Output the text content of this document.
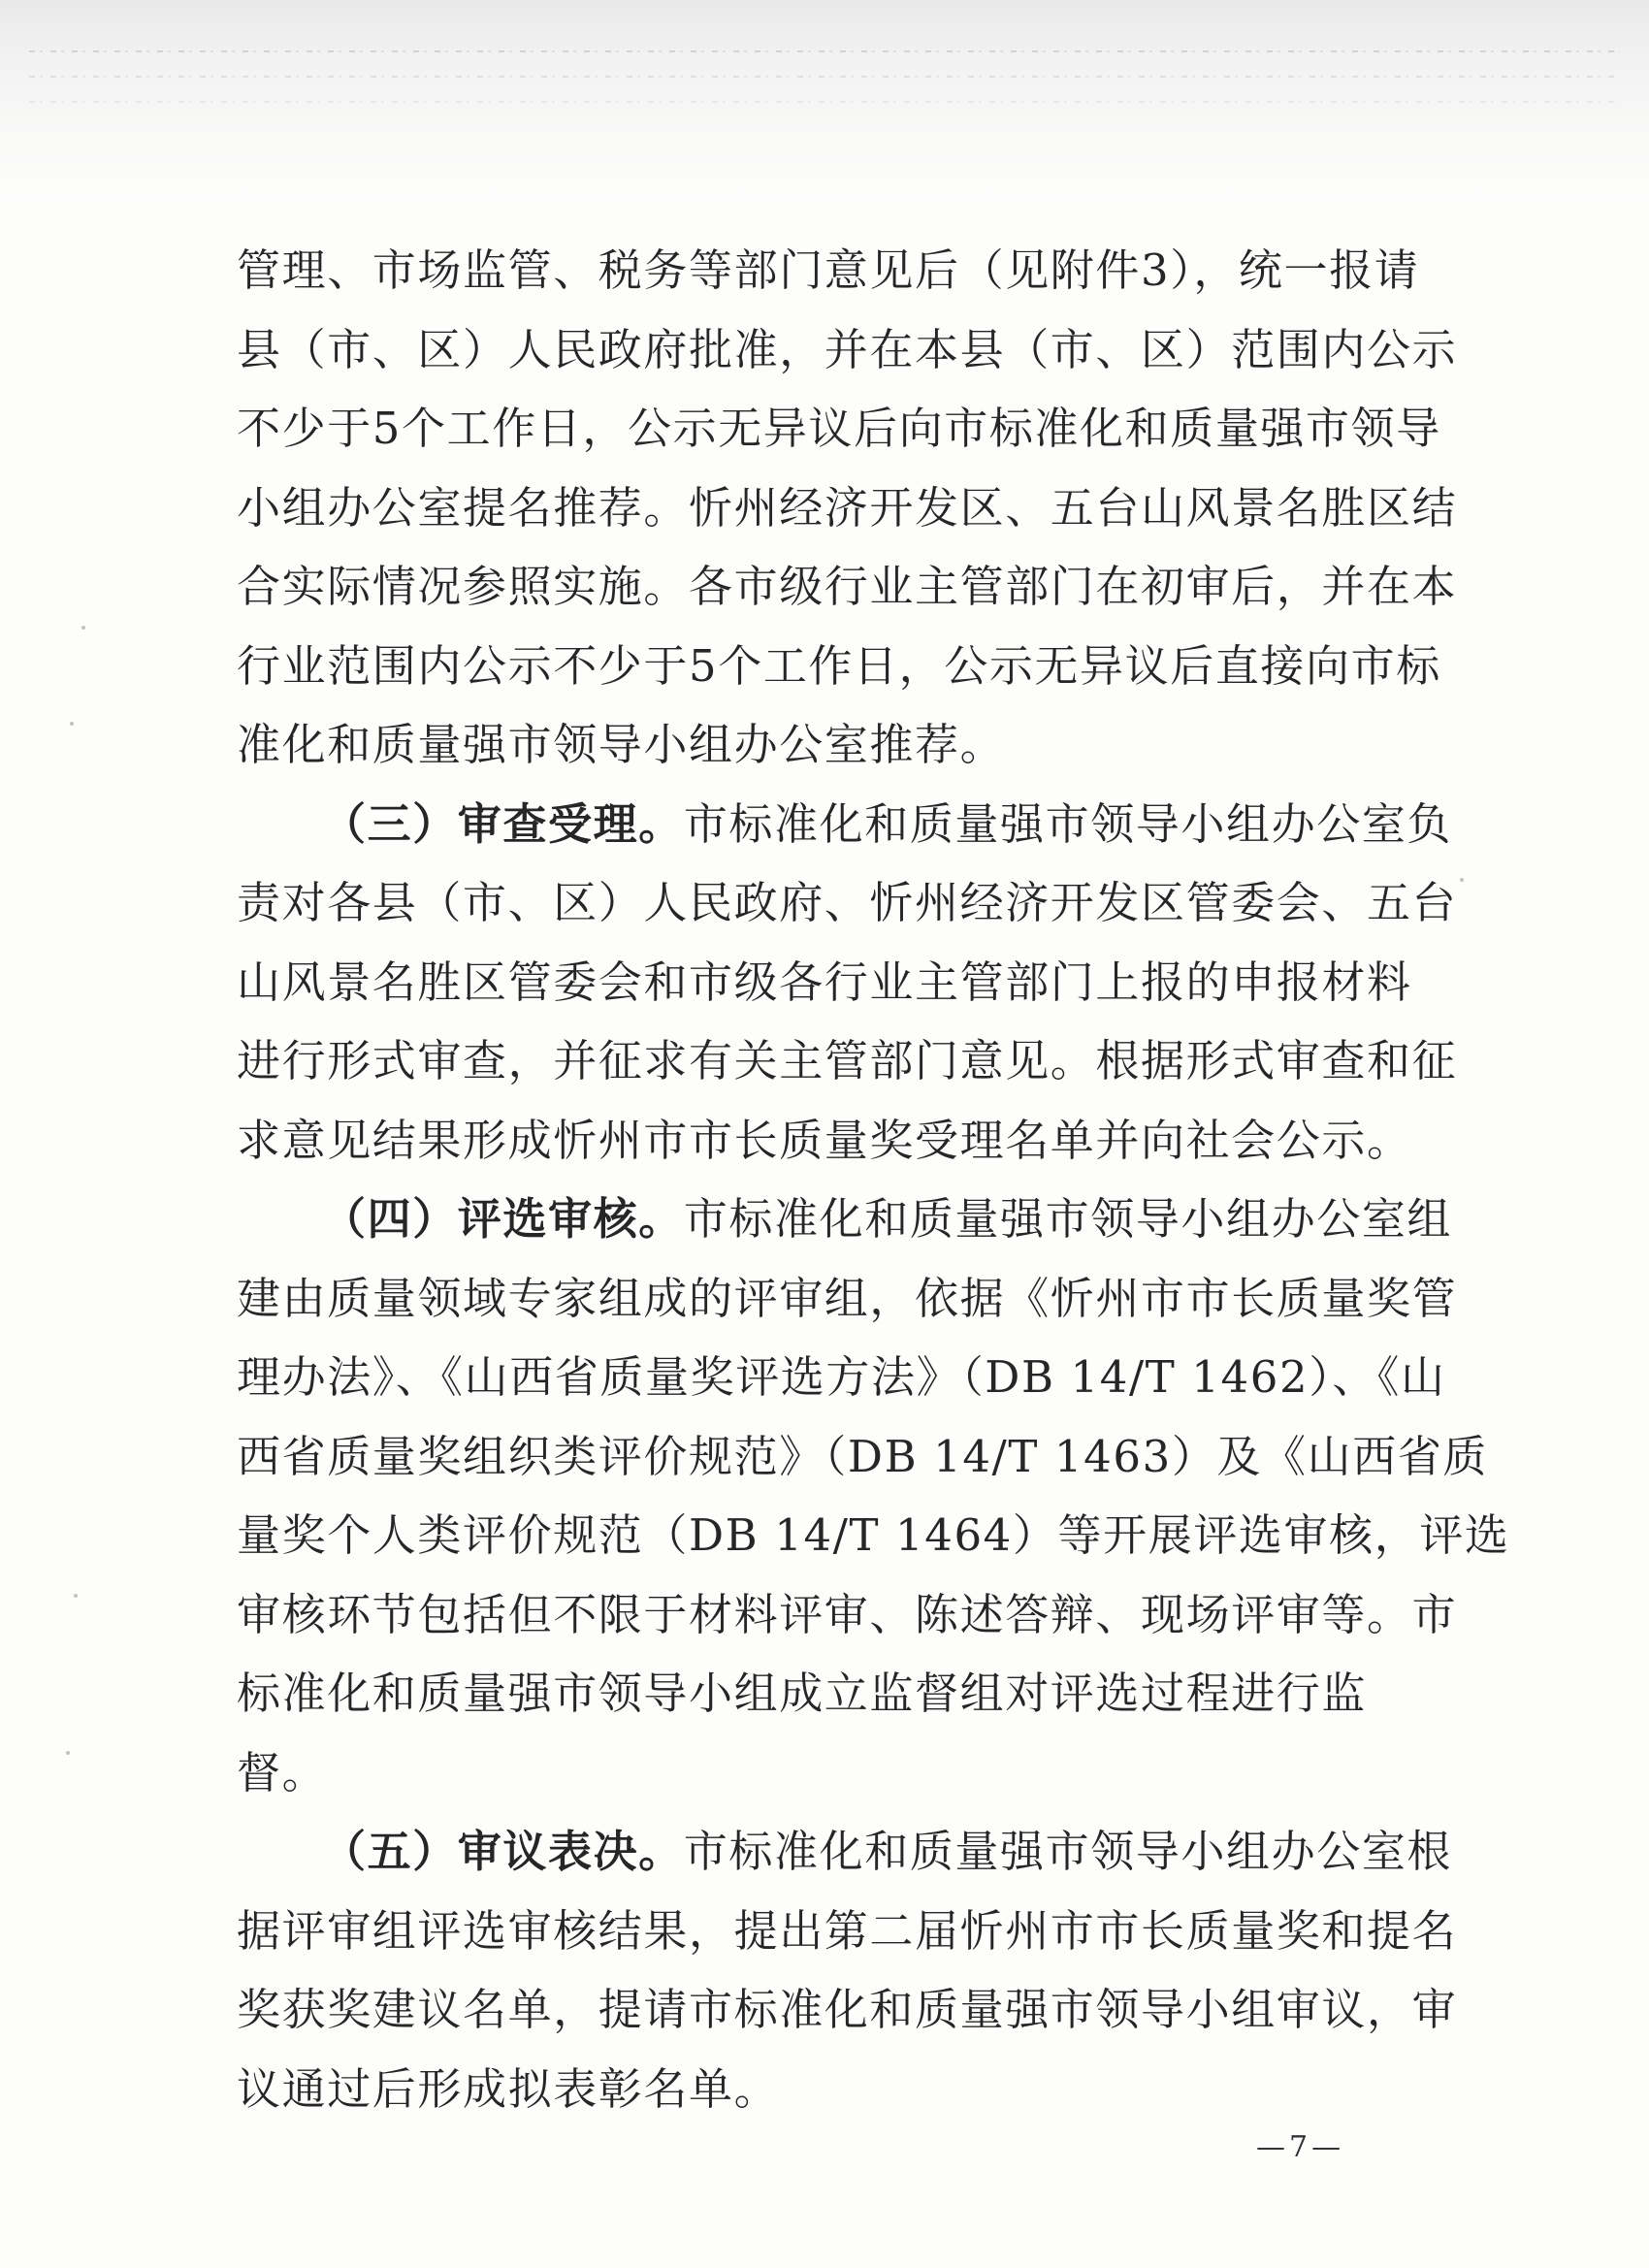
管理、市场监管、税务等部门意见后（见附件3），统一报请
县（市、区）人民政府批准，并在本县（市、区）范围内公示
不少于5个工作日，公示无异议后向市标准化和质量强市领导
小组办公室提名推荐。忻州经济开发区、五台山风景名胜区结
合实际情况参照实施。各市级行业主管部门在初审后，并在本
行业范围内公示不少于5个工作日，公示无异议后直接向市标
准化和质量强市领导小组办公室推荐。
（三）审查受理。市标准化和质量强市领导小组办公室负
责对各县（市、区）人民政府、忻州经济开发区管委会、五台
山风景名胜区管委会和市级各行业主管部门上报的申报材料
进行形式审查，并征求有关主管部门意见。根据形式审查和征
求意见结果形成忻州市市长质量奖受理名单并向社会公示。
（四）评选审核。市标准化和质量强市领导小组办公室组
建由质量领域专家组成的评审组，依据《忻州市市长质量奖管
理办法》、《山西省质量奖评选方法》（DB 14/T 1462）、《山
西省质量奖组织类评价规范》（DB 14/T 1463）及《山西省质
量奖个人类评价规范（DB 14/T 1464）等开展评选审核，评选
审核环节包括但不限于材料评审、陈述答辩、现场评审等。市
标准化和质量强市领导小组成立监督组对评选过程进行监
督。
（五）审议表决。市标准化和质量强市领导小组办公室根
据评审组评选审核结果，提出第二届忻州市市长质量奖和提名
奖获奖建议名单，提请市标准化和质量强市领导小组审议，审
议通过后形成拟表彰名单。
—7—
